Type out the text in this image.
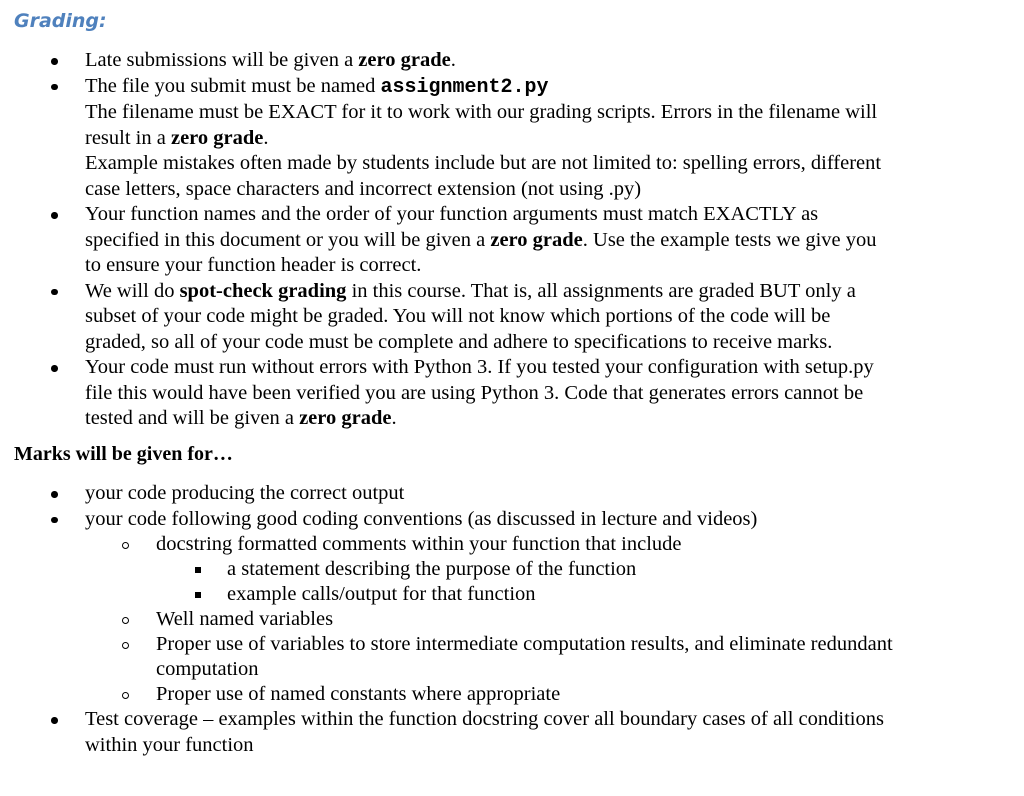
Grading:
Late submissions will be given a zero grade.
The file you submit must be named assignment2.py
The filename must be EXACT for it to work with our grading scripts. Errors in the filename will
result in a zero grade.
Example mistakes often made by students include but are not limited to: spelling errors, different
case letters, space characters and incorrect extension (not using .py)
Your function names and the order of your function arguments must match EXACTLY as
specified in this document or you will be given a zero grade. Use the example tests we give you
to ensure your function header is correct.
We will do spot-check grading in this course. That is, all assignments are graded BUT only a
subset of your code might be graded. You will not know which portions of the code will be
graded, so all of your code must be complete and adhere to specifications to receive marks.
Your code must run without errors with Python 3. If you tested your configuration with setup.py
file this would have been verified you are using Python 3. Code that generates errors cannot be
tested and will be given a zero grade.
Marks will be given for…
your code producing the correct output
your code following good coding conventions (as discussed in lecture and videos)
docstring formatted comments within your function that include
a statement describing the purpose of the function
example calls/output for that function
Well named variables
Proper use of variables to store intermediate computation results, and eliminate redundant
computation
Proper use of named constants where appropriate
Test coverage – examples within the function docstring cover all boundary cases of all conditions
within your function
